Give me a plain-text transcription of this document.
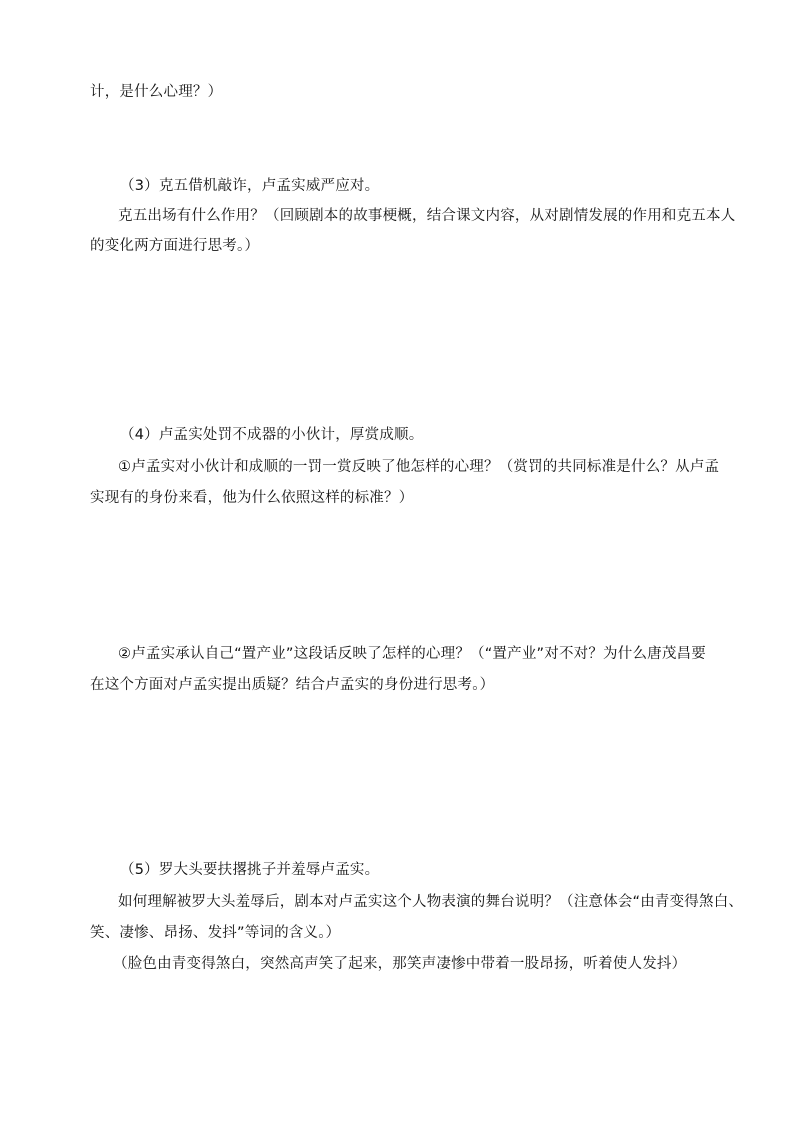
计，是什么心理？）
（3）克五借机敲诈，卢孟实威严应对。
克五出场有什么作用？（回顾剧本的故事梗概，结合课文内容，从对剧情发展的作用和克五本人
的变化两方面进行思考。）
（4）卢孟实处罚不成器的小伙计，厚赏成顺。
①卢孟实对小伙计和成顺的一罚一赏反映了他怎样的心理？（赏罚的共同标准是什么？从卢孟
实现有的身份来看，他为什么依照这样的标准？）
②卢孟实承认自己“置产业”这段话反映了怎样的心理？（“置产业”对不对？为什么唐茂昌要
在这个方面对卢孟实提出质疑？结合卢孟实的身份进行思考。）
（5）罗大头要扶撂挑子并羞辱卢孟实。
如何理解被罗大头羞辱后，剧本对卢孟实这个人物表演的舞台说明？（注意体会“由青变得煞白、
笑、凄惨、昂扬、发抖”等词的含义。）
（脸色由青变得煞白，突然高声笑了起来，那笑声凄惨中带着一股昂扬，听着使人发抖）
